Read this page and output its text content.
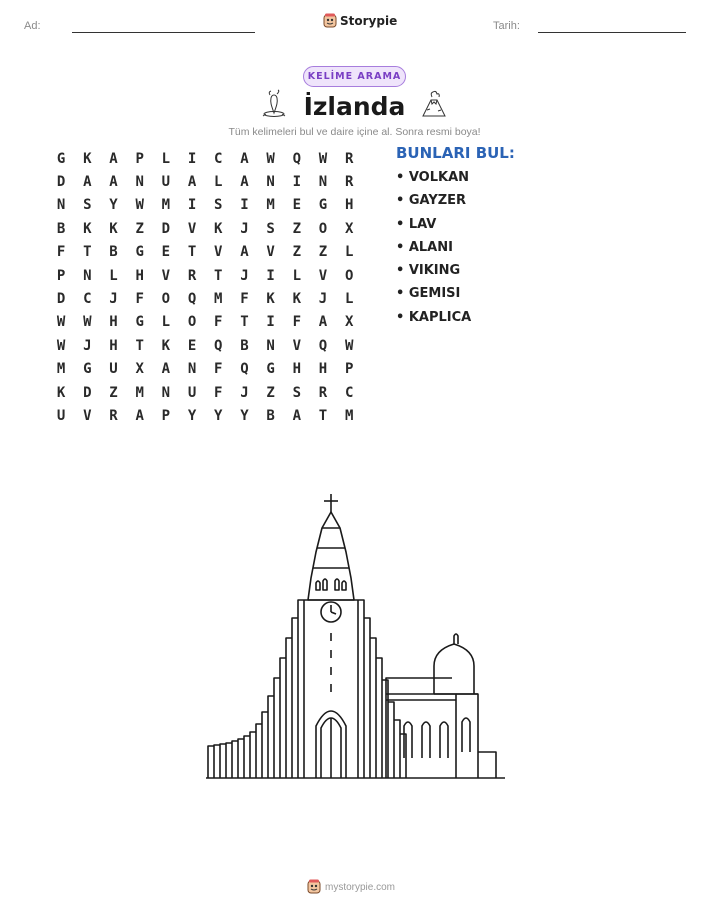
Ad:	Storypie	Tarih:
KELİME ARAMA
İzlanda
Tüm kelimeleri bul ve daire içine al. Sonra resmi boya!
G	K	A	P	L	I	C	A	W	Q	W	R
D	A	A	N	U	A	L	A	N	I	N	R
N	S	Y	W	M	I	S	I	M	E	G	H
B	K	K	Z	D	V	K	J	S	Z	O	X
F	T	B	G	E	T	V	A	V	Z	Z	L
P	N	L	H	V	R	T	J	I	L	V	O
D	C	J	F	O	Q	M	F	K	K	J	L
W	W	H	G	L	O	F	T	I	F	A	X
W	J	H	T	K	E	Q	B	N	V	Q	W
M	G	U	X	A	N	F	Q	G	H	H	P
K	D	Z	M	N	U	F	J	Z	S	R	C
U	V	R	A	P	Y	Y	Y	B	A	T	M
BUNLARI BUL:
• VOLKAN
• GAYZER
• LAV
• ALANI
• VIKING
• GEMISI
• KAPLICA
mystorypie.com
